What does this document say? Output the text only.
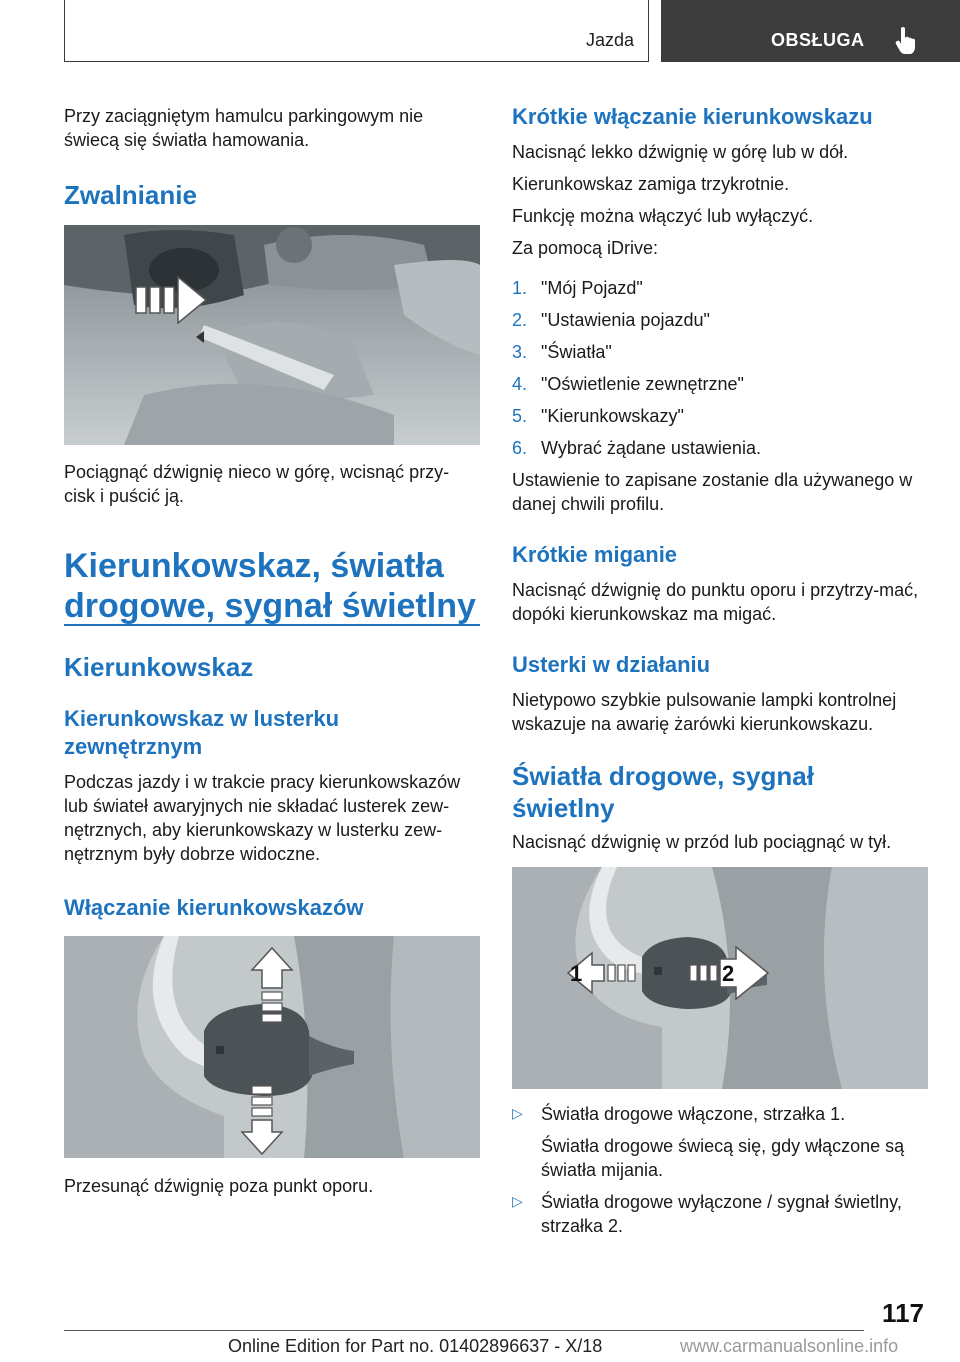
Jazda	OBSŁUGA

Przy zaciągniętym hamulcu parkingowym nie świecą się światła hamowania.

Zwalnianie

Pociągnąć dźwignię nieco w górę, wcisnąć przy-cisk i puścić ją.

Kierunkowskaz, światła
drogowe, sygnał świetlny
Kierunkowskaz
Kierunkowskaz w lusterku
zewnętrznym

Podczas jazdy i w trakcie pracy kierunkowskazów lub świateł awaryjnych nie składać lusterek zew-nętrznych, aby kierunkowskazy w lusterku zew-nętrznym były dobrze widoczne.

Włączanie kierunkowskazów

Przesunąć dźwignię poza punkt oporu.

Krótkie włączanie kierunkowskazu

Nacisnąć lekko dźwignię w górę lub w dół.

Kierunkowskaz zamiga trzykrotnie.

Funkcję można włączyć lub wyłączyć.

Za pomocą iDrive:

1. "Mój Pojazd"
2. "Ustawienia pojazdu"
3. "Światła"
4. "Oświetlenie zewnętrzne"
5. "Kierunkowskazy"
6. Wybrać żądane ustawienia.

Ustawienie to zapisane zostanie dla używanego w danej chwili profilu.

Krótkie miganie

Nacisnąć dźwignię do punktu oporu i przytrzy-mać, dopóki kierunkowskaz ma migać.

Usterki w działaniu

Nietypowo szybkie pulsowanie lampki kontrolnej wskazuje na awarię żarówki kierunkowskazu.

Światła drogowe, sygnał
świetlny

Nacisnąć dźwignię w przód lub pociągnąć w tył.

1	2
▷	Światła drogowe włączone, strzałka 1.

Światła drogowe świecą się, gdy włączone są światła mijania.

▷	Światła drogowe wyłączone / sygnał świetlny, strzałka 2.

117
Online Edition for Part no. 01402896637 - X/18	www.carmanualsonline.info
